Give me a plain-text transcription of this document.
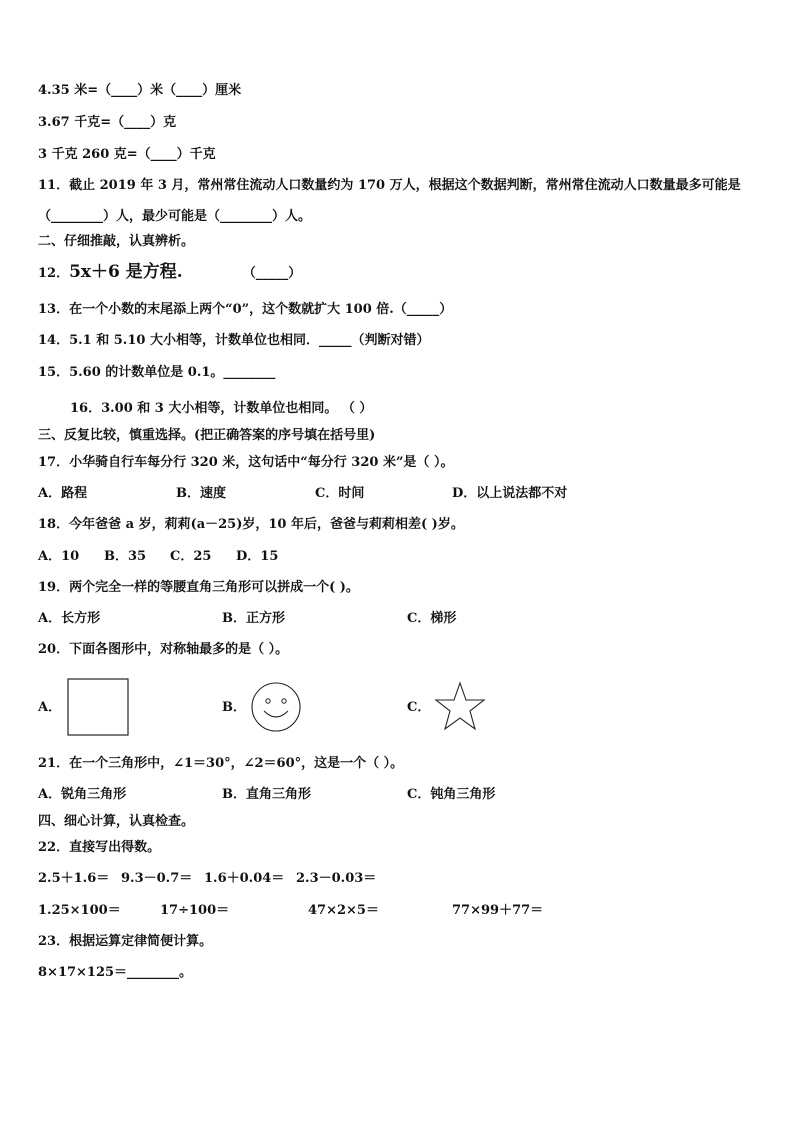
4.35 米=（____）米（____）厘米
3.67 千克=（____）克
3 千克 260 克=（____）千克
11．截止 2019 年 3 月，常州常住流动人口数量约为 170 万人，根据这个数据判断，常州常住流动人口数量最多可能是
（________）人，最少可能是（________）人。
二、仔细推敲，认真辨析。
12．5x＋6 是方程.	（_____）
13．在一个小数的末尾添上两个“0”，这个数就扩大 100 倍.（_____）
14．5.1 和 5.10 大小相等，计数单位也相同．_____（判断对错）
15．5.60 的计数单位是 0.1。________
16．3.00 和 3 大小相等，计数单位也相同。 （ ）
三、反复比较，慎重选择。(把正确答案的序号填在括号里)
17．小华骑自行车每分行 320 米，这句话中“每分行 320 米”是（ ）。
A．路程	B．速度	C．时间	D．以上说法都不对
18．今年爸爸 a 岁，莉莉(a－25)岁，10 年后，爸爸与莉莉相差( )岁。
A．10 B．35 C．25 D．15
19．两个完全一样的等腰直角三角形可以拼成一个( )。
A．长方形	B．正方形	C．梯形
20．下面各图形中，对称轴最多的是（ ）。
A．	B．	C．
21．在一个三角形中，∠1＝30°，∠2＝60°，这是一个（ ）。
A．锐角三角形	B．直角三角形	C．钝角三角形
四、细心计算，认真检查。
22．直接写出得数。
2.5＋1.6＝ 9.3－0.7＝ 1.6＋0.04＝ 2.3－0.03＝
1.25×100＝	17÷100＝	47×2×5＝	77×99＋77＝
23．根据运算定律简便计算。
8×17×125＝________。
